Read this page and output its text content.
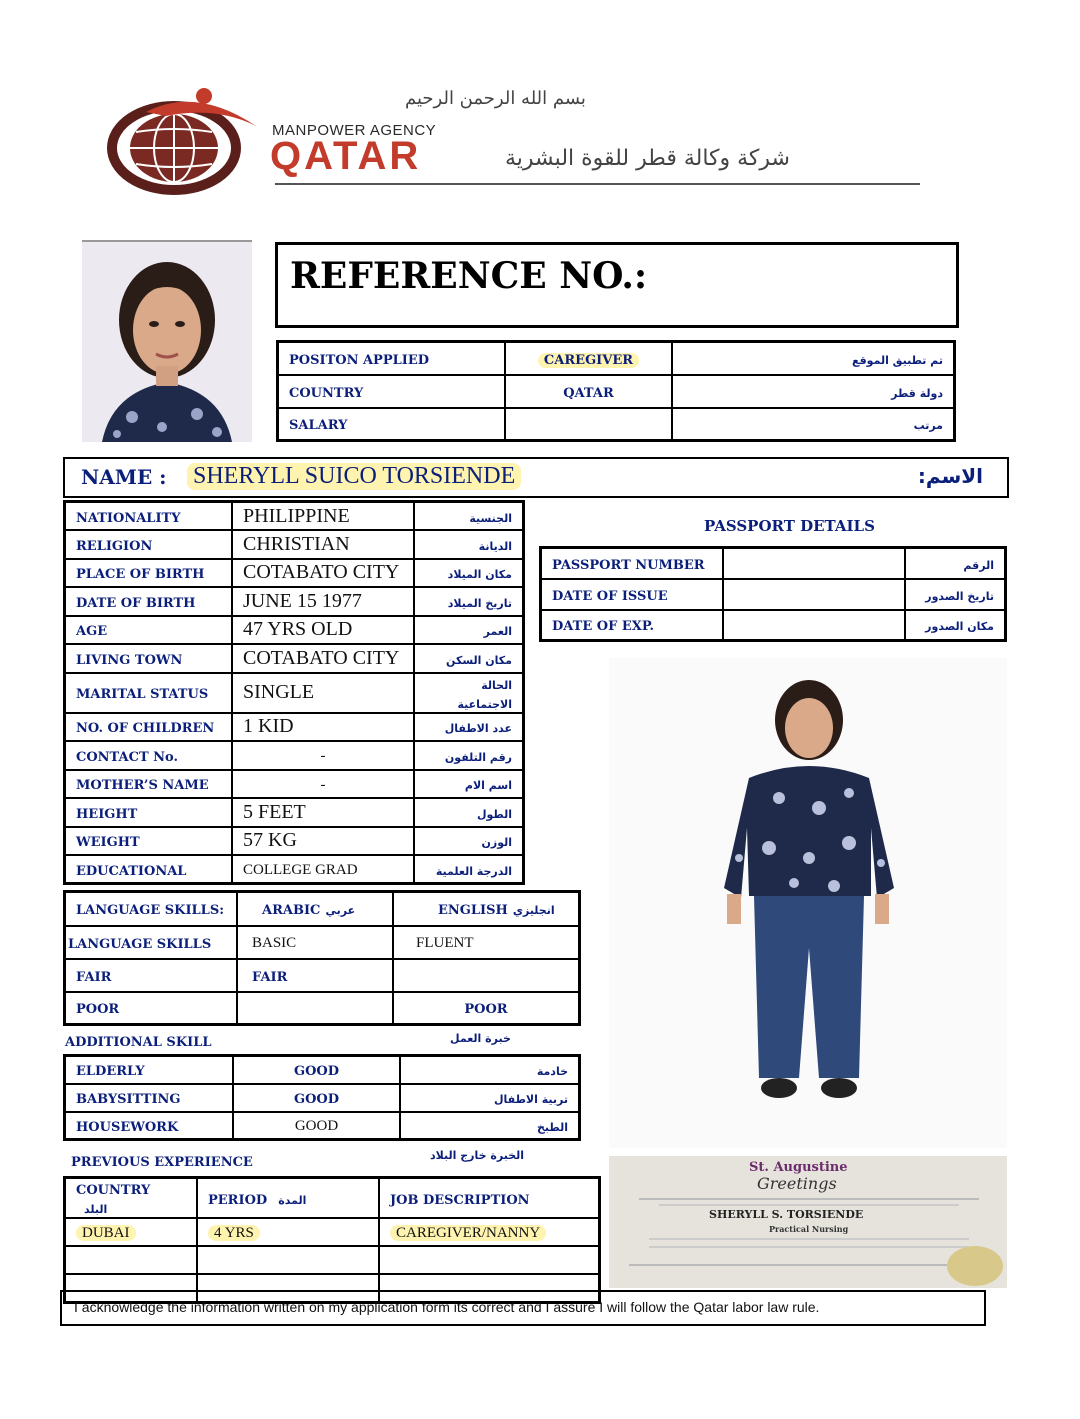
بسم الله الرحمن الرحيم
MANPOWER AGENCY
QATAR	شركة وكالة قطر للقوة البشرية
REFERENCE NO.:
POSITON APPLIED	CAREGIVER	تم تطبيق الموقع
COUNTRY	QATAR	دولة قطر
SALARY		مرتب
NAME : SHERYLL SUICO TORSIENDE	:الاسم
NATIONALITY	PHILIPPINE	الجنسية
RELIGION	CHRISTIAN	الديانة
PLACE OF BIRTH	COTABATO CITY	مكان الميلاد
DATE OF BIRTH	JUNE 15 1977	تاريخ الميلاد
AGE	47 YRS OLD	العمر
LIVING TOWN	COTABATO CITY	مكان السكن
MARITAL STATUS	SINGLE	الحالة الاجتماعية
NO. OF CHILDREN	1 KID	عدد الاطفال
CONTACT No.	-	رقم التلفون
MOTHER’S NAME	-	اسم الام
HEIGHT	5 FEET	الطول
WEIGHT	57 KG	الوزن
EDUCATIONAL	COLLEGE GRAD	الدرجة العلمية
PASSPORT DETAILS
PASSPORT NUMBER		الرقم
DATE OF ISSUE		تاريخ الصدور
DATE OF EXP.		مكان الصدور
LANGUAGE SKILLS:	ARABIC عربي	ENGLISH انجليزي
LANGUAGE SKILLS	BASIC	FLUENT
FAIR	FAIR	
POOR		POOR
ADDITIONAL SKILL	خبرة العمل
ELDERLY	GOOD	خادمة
BABYSITTING	GOOD	تربية الاطفال
HOUSEWORK	GOOD	الطبخ
PREVIOUS EXPERIENCE	الخبرة خارج البلاد
COUNTRY البلد	PERIOD المدة	JOB DESCRIPTION
DUBAI	4 YRS	CAREGIVER/NANNY

St. Augustine
Greetings
SHERYLL S. TORSIENDE
Practical Nursing
I acknowledge the information written on my application form its correct and I assure I will follow the Qatar labor law rule.
